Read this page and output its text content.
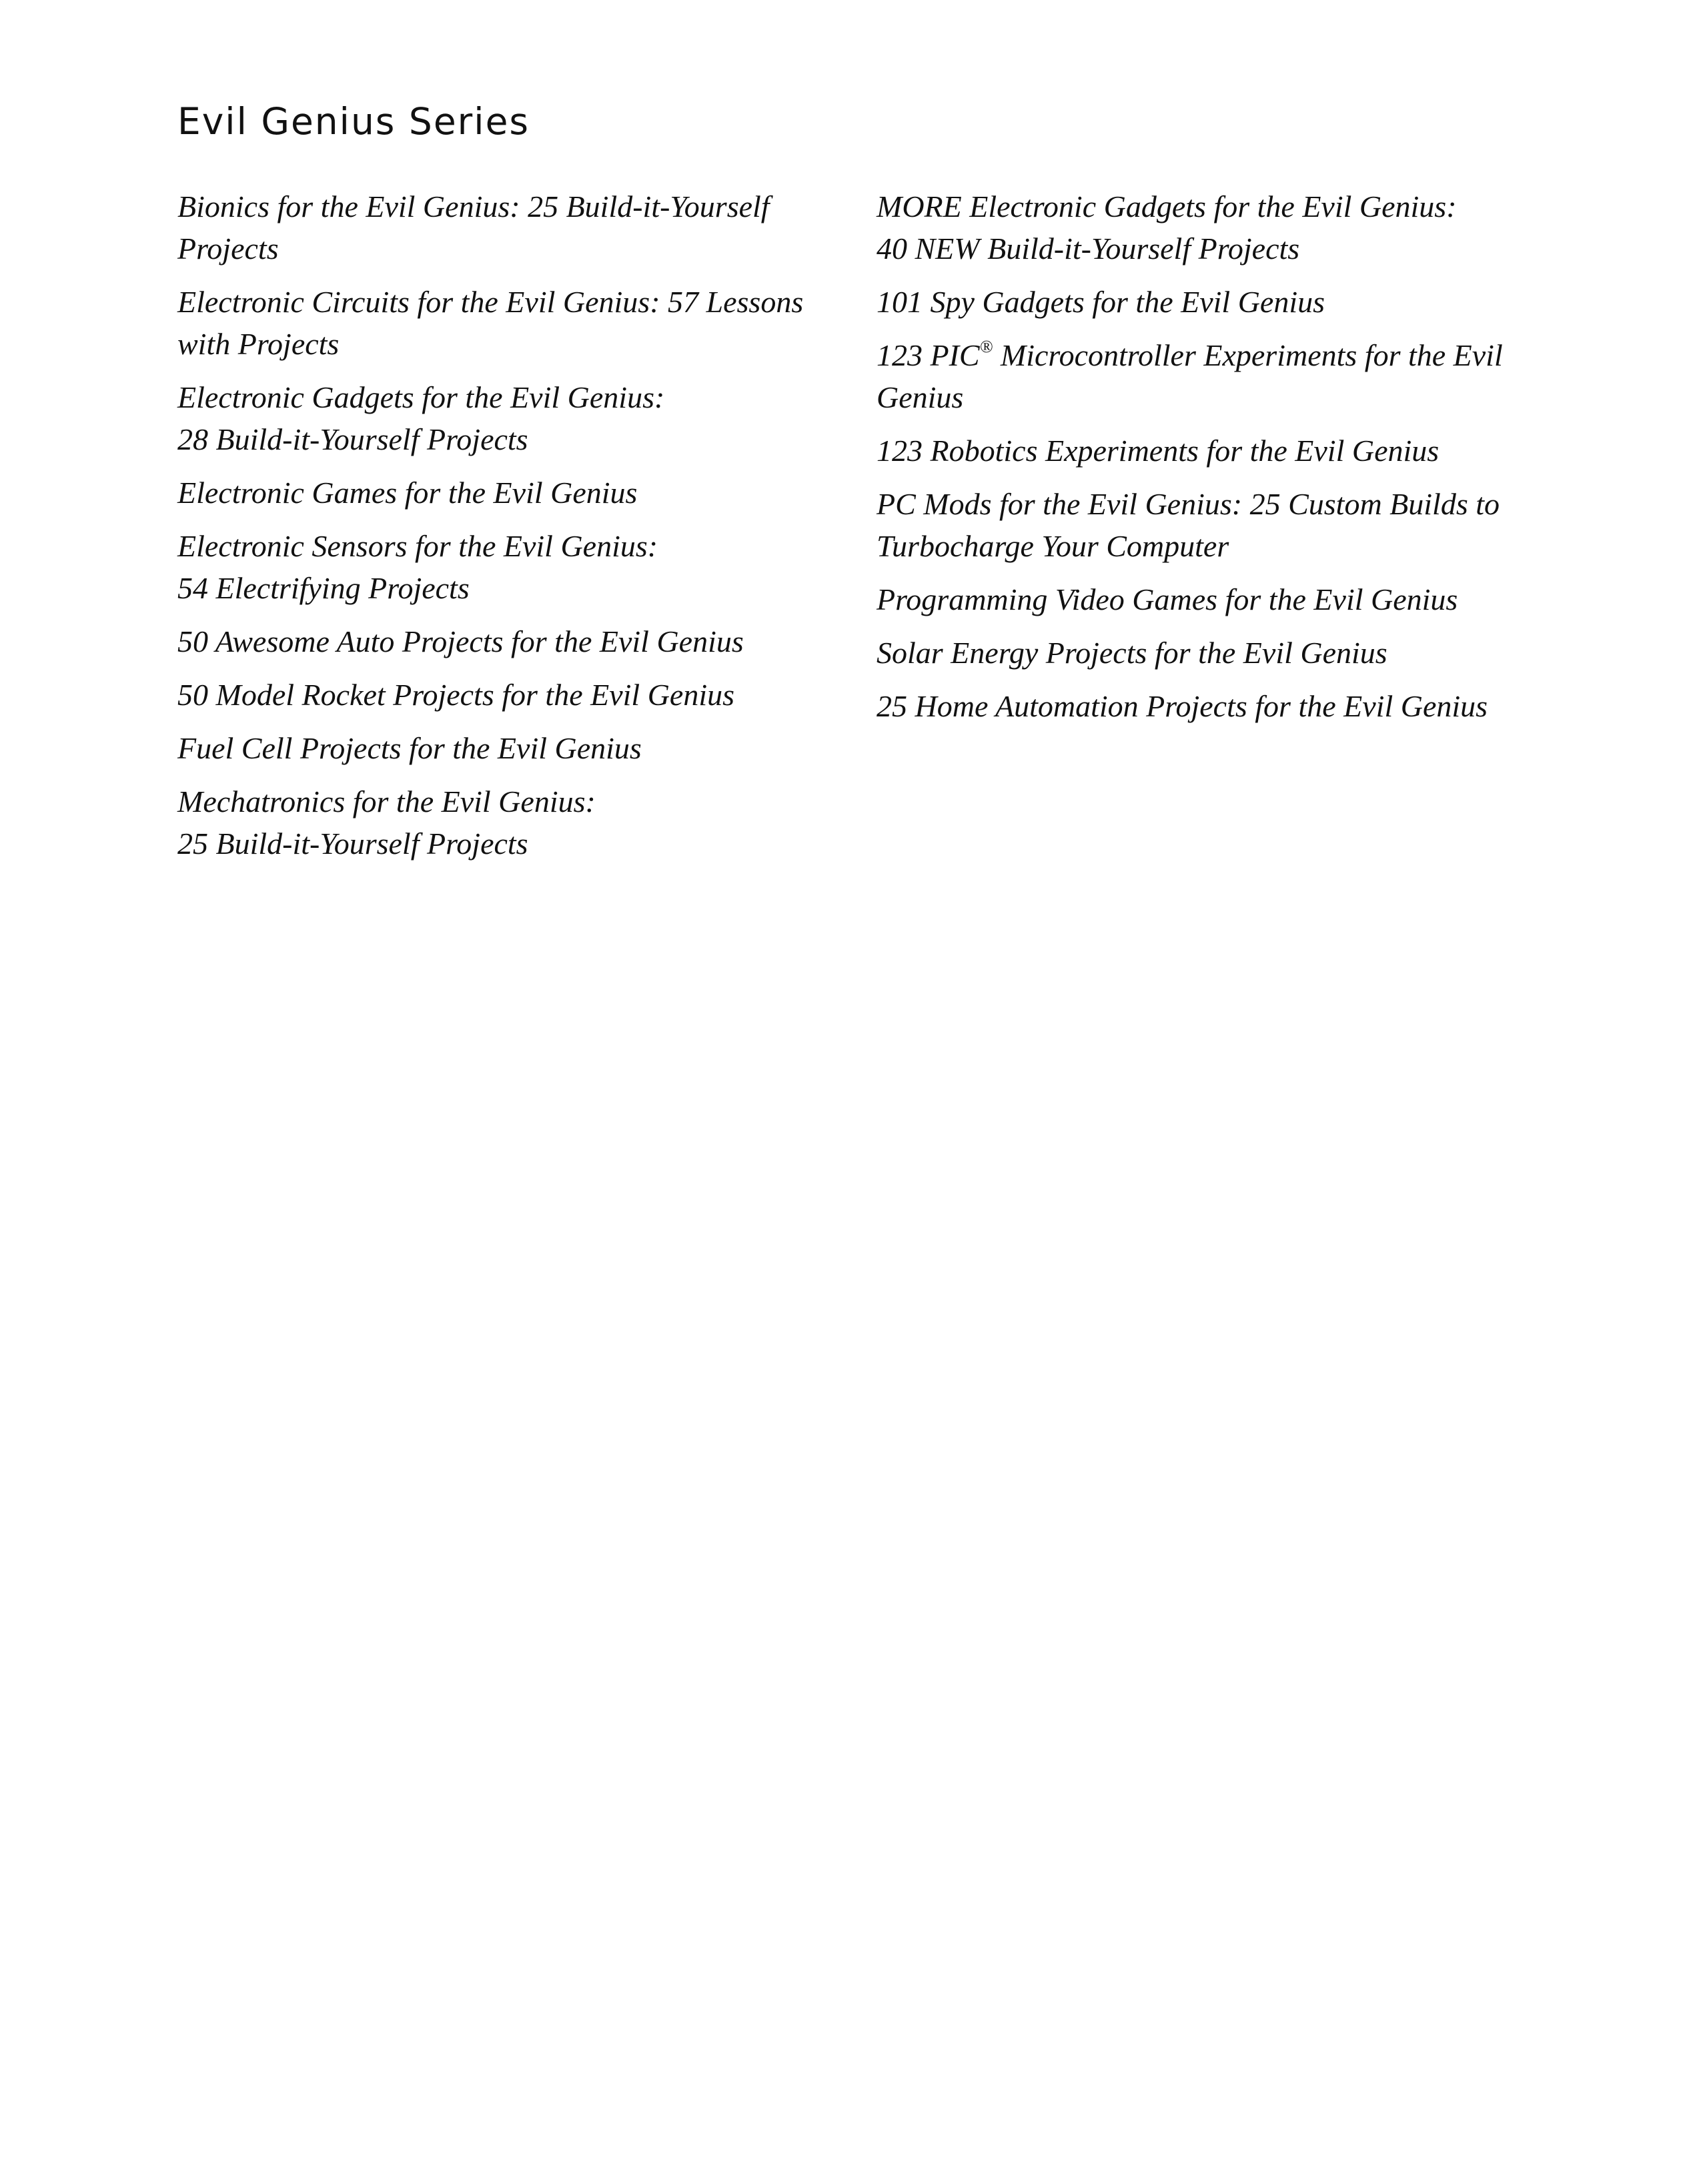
Evil Genius Series
Bionics for the Evil Genius: 25 Build-it-Yourself
Projects
Electronic Circuits for the Evil Genius: 57 Lessons
with Projects
Electronic Gadgets for the Evil Genius:
28 Build-it-Yourself Projects
Electronic Games for the Evil Genius
Electronic Sensors for the Evil Genius:
54 Electrifying Projects
50 Awesome Auto Projects for the Evil Genius
50 Model Rocket Projects for the Evil Genius
Fuel Cell Projects for the Evil Genius
Mechatronics for the Evil Genius:
25 Build-it-Yourself Projects
MORE Electronic Gadgets for the Evil Genius:
40 NEW Build-it-Yourself Projects
101 Spy Gadgets for the Evil Genius
123 PIC® Microcontroller Experiments for the Evil
Genius
123 Robotics Experiments for the Evil Genius
PC Mods for the Evil Genius: 25 Custom Builds to
Turbocharge Your Computer
Programming Video Games for the Evil Genius
Solar Energy Projects for the Evil Genius
25 Home Automation Projects for the Evil Genius
